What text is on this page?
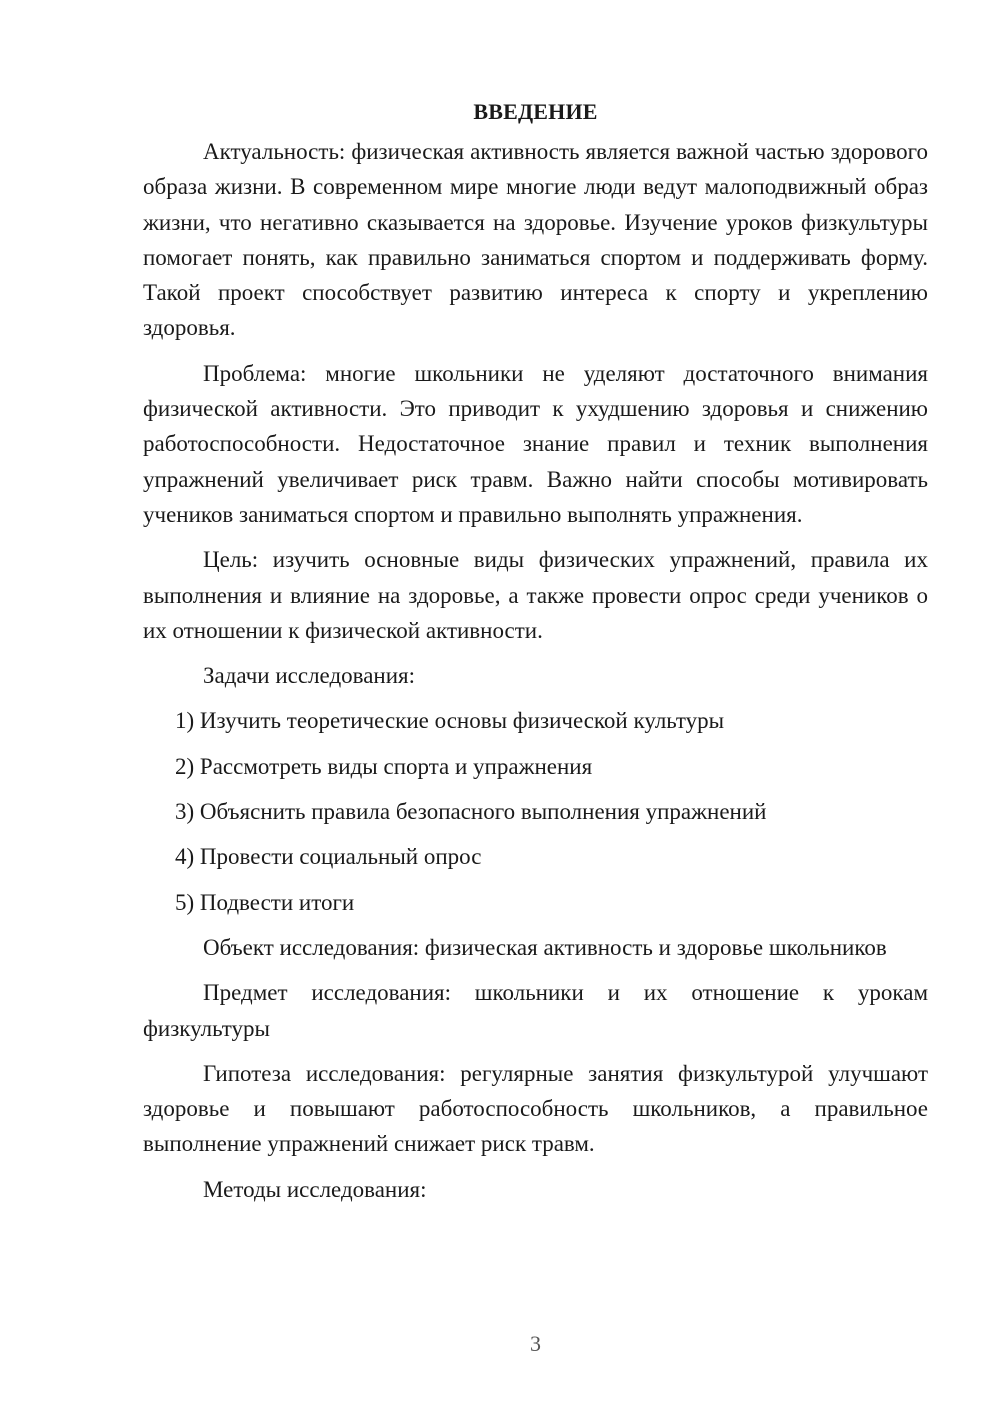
ВВЕДЕНИЕ

Актуальность: физическая активность является важной частью здорового образа жизни. В современном мире многие люди ведут малоподвижный образ жизни, что негативно сказывается на здоровье. Изучение уроков физкультуры помогает понять, как правильно заниматься спортом и поддерживать форму. Такой проект способствует развитию интереса к спорту и укреплению здоровья.

Проблема: многие школьники не уделяют достаточного внимания физической активности. Это приводит к ухудшению здоровья и снижению работоспособности. Недостаточное знание правил и техник выполнения упражнений увеличивает риск травм. Важно найти способы мотивировать учеников заниматься спортом и правильно выполнять упражнения.

Цель: изучить основные виды физических упражнений, правила их выполнения и влияние на здоровье, а также провести опрос среди учеников о их отношении к физической активности.

Задачи исследования:

1) Изучить теоретические основы физической культуры
2) Рассмотреть виды спорта и упражнения
3) Объяснить правила безопасного выполнения упражнений
4) Провести социальный опрос
5) Подвести итоги

Объект исследования: физическая активность и здоровье школьников

Предмет исследования: школьники и их отношение к урокам физкультуры

Гипотеза исследования: регулярные занятия физкультурой улучшают здоровье и повышают работоспособность школьников, а правильное выполнение упражнений снижает риск травм.

Методы исследования:

3
